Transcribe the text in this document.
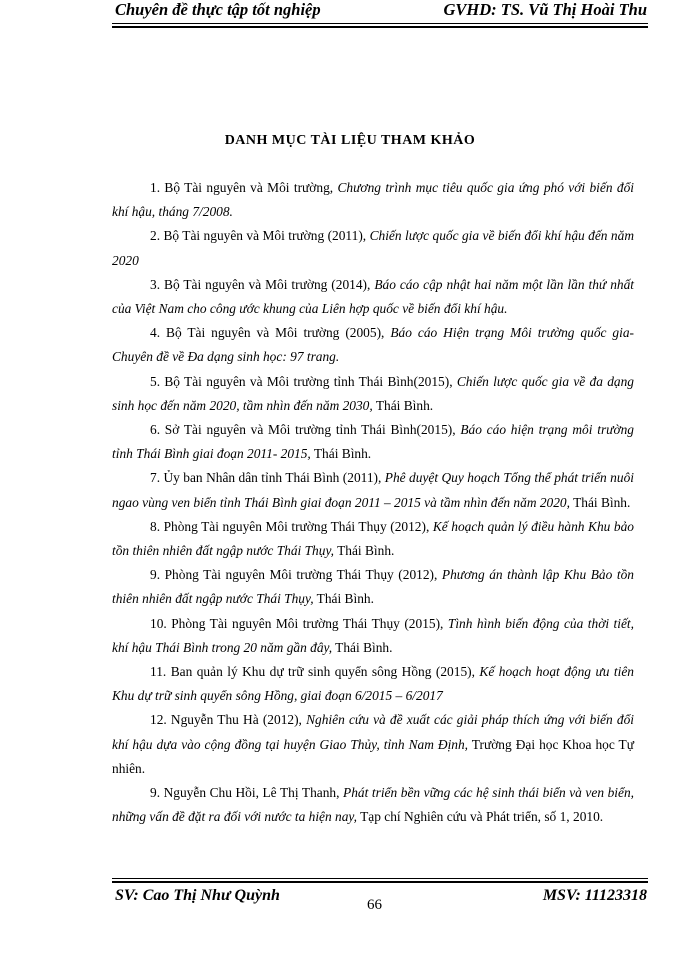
Chuyên đề thực tập tốt nghiệp	GVHD: TS. Vũ Thị Hoài Thu
DANH MỤC TÀI LIỆU THAM KHẢO

1. Bộ Tài nguyên và Môi trường, Chương trình mục tiêu quốc gia ứng phó với biến đổi khí hậu, tháng 7/2008.

2. Bộ Tài nguyên và Môi trường (2011), Chiến lược quốc gia về biến đổi khí hậu đến năm 2020

3. Bộ Tài nguyên và Môi trường (2014), Báo cáo cập nhật hai năm một lần lần thứ nhất của Việt Nam cho công ước khung của Liên hợp quốc về biến đổi khí hậu.

4. Bộ Tài nguyên và Môi trường (2005), Báo cáo Hiện trạng Môi trường quốc gia- Chuyên đề về Đa dạng sinh học: 97 trang.

5. Bộ Tài nguyên và Môi trường tỉnh Thái Bình(2015), Chiến lược quốc gia về đa dạng sinh học đến năm 2020, tầm nhìn đến năm 2030, Thái Bình.

6. Sở Tài nguyên và Môi trường tỉnh Thái Bình(2015), Báo cáo hiện trạng môi trường tỉnh Thái Bình giai đoạn 2011- 2015, Thái Bình.

7. Ủy ban Nhân dân tỉnh Thái Bình (2011), Phê duyệt Quy hoạch Tổng thể phát triển nuôi ngao vùng ven biển tỉnh Thái Bình giai đoạn 2011 – 2015 và tầm nhìn đến năm 2020, Thái Bình.

8. Phòng Tài nguyên Môi trường Thái Thụy (2012), Kế hoạch quản lý điều hành Khu bảo tồn thiên nhiên đất ngập nước Thái Thụy, Thái Bình.

9. Phòng Tài nguyên Môi trường Thái Thụy (2012), Phương án thành lập Khu Bảo tồn thiên nhiên đất ngập nước Thái Thụy, Thái Bình.

10. Phòng Tài nguyên Môi trường Thái Thụy (2015), Tình hình biến động của thời tiết, khí hậu Thái Bình trong 20 năm gần đây, Thái Bình.

11. Ban quản lý Khu dự trữ sinh quyển sông Hồng (2015), Kế hoạch hoạt động ưu tiên Khu dự trữ sinh quyển sông Hồng, giai đoạn 6/2015 – 6/2017

12. Nguyễn Thu Hà (2012), Nghiên cứu và đề xuất các giải pháp thích ứng với biến đổi khí hậu dựa vào cộng đồng tại huyện Giao Thủy, tỉnh Nam Định, Trường Đại học Khoa học Tự nhiên.

9. Nguyễn Chu Hồi, Lê Thị Thanh, Phát triển bền vững các hệ sinh thái biển và ven biển, những vấn đề đặt ra đối với nước ta hiện nay, Tạp chí Nghiên cứu và Phát triển, số 1, 2010.

SV: Cao Thị Như Quỳnh	MSV: 11123318
66
